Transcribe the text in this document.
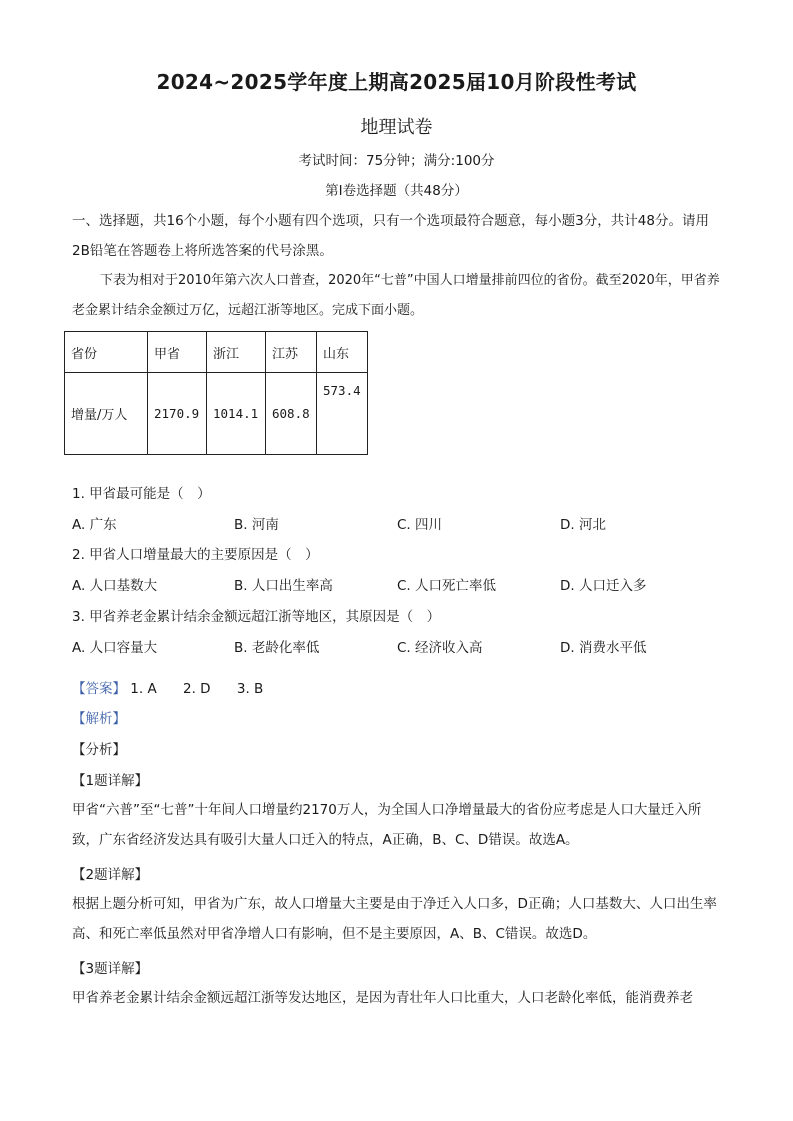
2024~2025学年度上期高2025届10月阶段性考试
地理试卷
考试时间：75分钟；满分:100分
第Ⅰ卷选择题（共48分）
一、选择题，共16个小题，每个小题有四个选项，只有一个选项最符合题意，每小题3分，共计48分。请用2B铅笔在答题卷上将所选答案的代号涂黑。
下表为相对于2010年第六次人口普查，2020年“七普”中国人口增量排前四位的省份。截至2020年，甲省养老金累计结余金额过万亿，远超江浙等地区。完成下面小题。
省份	甲省	浙江	江苏	山东
增量/万人	2170.9	1014.1	608.8	573.4
1. 甲省最可能是（　）
A. 广东	B. 河南	C. 四川	D. 河北
2. 甲省人口增量最大的主要原因是（　）
A. 人口基数大	B. 人口出生率高	C. 人口死亡率低	D. 人口迁入多
3. 甲省养老金累计结余金额远超江浙等地区，其原因是（　）
A. 人口容量大	B. 老龄化率低	C. 经济收入高	D. 消费水平低
【答案】 1. A 2. D 3. B
【解析】
【分析】
【1题详解】
甲省“六普”至“七普”十年间人口增量约2170万人，为全国人口净增量最大的省份应考虑是人口大量迁入所致，广东省经济发达具有吸引大量人口迁入的特点，A正确，B、C、D错误。故选A。
【2题详解】
根据上题分析可知，甲省为广东，故人口增量大主要是由于净迁入人口多，D正确；人口基数大、人口出生率高、和死亡率低虽然对甲省净增人口有影响，但不是主要原因，A、B、C错误。故选D。
【3题详解】
甲省养老金累计结余金额远超江浙等发达地区，是因为青壮年人口比重大，人口老龄化率低，能消费养老
